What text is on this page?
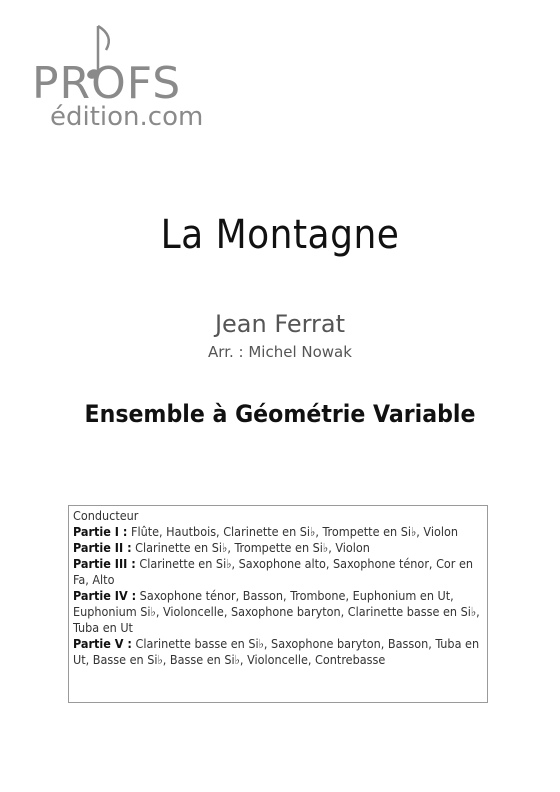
PROFS
édition.com
La Montagne
Jean Ferrat
Arr. : Michel Nowak
Ensemble à Géométrie Variable

Conducteur

Partie I : Flûte, Hautbois, Clarinette en Si♭, Trompette en Si♭, Violon

Partie II : Clarinette en Si♭, Trompette en Si♭, Violon

Partie III : Clarinette en Si♭, Saxophone alto, Saxophone ténor, Cor en Fa, Alto

Partie IV : Saxophone ténor, Basson, Trombone, Euphonium en Ut, Euphonium Si♭, Violoncelle, Saxophone baryton, Clarinette basse en Si♭, Tuba en Ut

Partie V : Clarinette basse en Si♭, Saxophone baryton, Basson, Tuba en Ut, Basse en Si♭, Basse en Si♭, Violoncelle, Contrebasse
